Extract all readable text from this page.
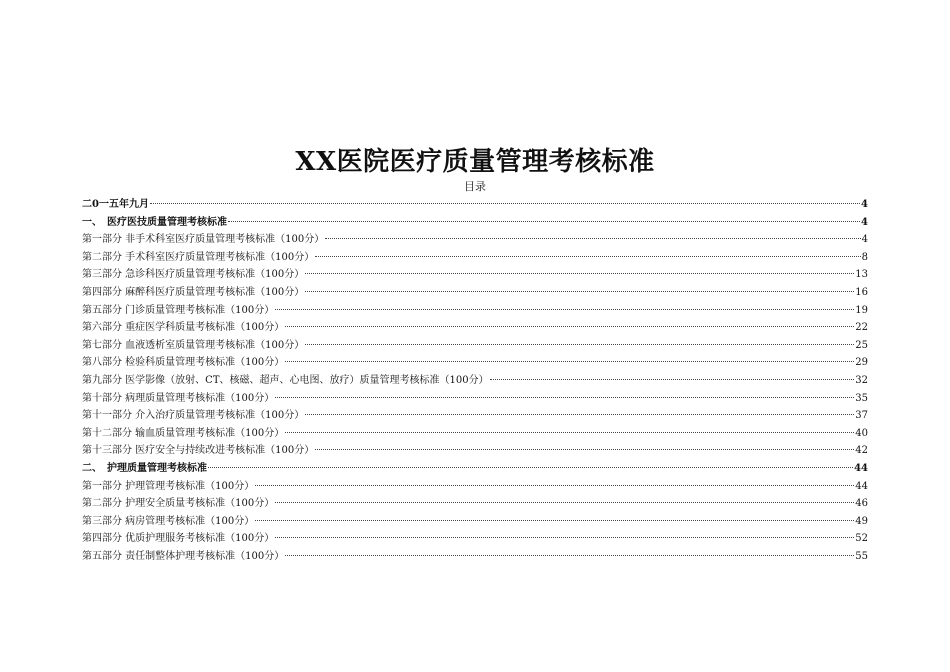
XX医院医疗质量管理考核标准
目录
二0一五年九月	4
一、　医疗医技质量管理考核标准	4
第一部分 非手术科室医疗质量管理考核标准（100分）	4
第二部分 手术科室医疗质量管理考核标准（100分）	8
第三部分 急诊科医疗质量管理考核标准（100分）	13
第四部分 麻醉科医疗质量管理考核标准（100分）	16
第五部分 门诊质量管理考核标准（100分）	19
第六部分 重症医学科质量考核标准（100分）	22
第七部分 血液透析室质量管理考核标准（100分）	25
第八部分 检验科质量管理考核标准（100分）	29
第九部分 医学影像（放射、CT、核磁、超声、心电图、放疗）质量管理考核标准（100分）	32
第十部分 病理质量管理考核标准（100分）	35
第十一部分 介入治疗质量管理考核标准（100分）	37
第十二部分 输血质量管理考核标准（100分）	40
第十三部分 医疗安全与持续改进考核标准（100分）	42
二、　护理质量管理考核标准	44
第一部分 护理管理考核标准（100分）	44
第二部分 护理安全质量考核标准（100分）	46
第三部分 病房管理考核标准（100分）	49
第四部分 优质护理服务考核标准（100分）	52
第五部分 责任制整体护理考核标准（100分）	55
